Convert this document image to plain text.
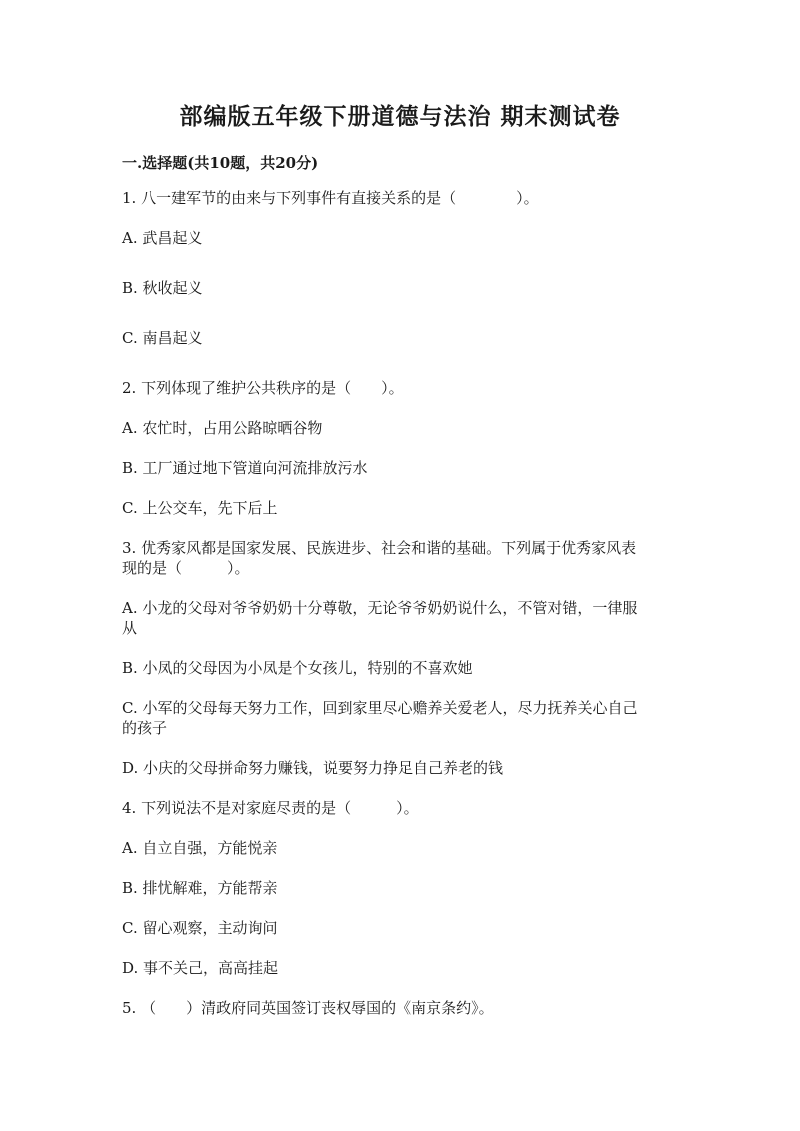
部编版五年级下册道德与法治 期末测试卷
一.选择题(共10题，共20分)
1. 八一建军节的由来与下列事件有直接关系的是（　　　　）。
A. 武昌起义
B. 秋收起义
C. 南昌起义
2. 下列体现了维护公共秩序的是（　　）。
A. 农忙时，占用公路晾晒谷物
B. 工厂通过地下管道向河流排放污水
C. 上公交车，先下后上
3. 优秀家风都是国家发展、民族进步、社会和谐的基础。下列属于优秀家风表
现的是（　　　）。
A. 小龙的父母对爷爷奶奶十分尊敬，无论爷爷奶奶说什么，不管对错，一律服
从
B. 小凤的父母因为小凤是个女孩儿，特别的不喜欢她
C. 小军的父母每天努力工作，回到家里尽心赡养关爱老人，尽力抚养关心自己
的孩子
D. 小庆的父母拼命努力赚钱，说要努力挣足自己养老的钱
4. 下列说法不是对家庭尽责的是（　　　）。
A. 自立自强，方能悦亲
B. 排忧解难，方能帮亲
C. 留心观察，主动询问
D. 事不关己，高高挂起
5. （　　）清政府同英国签订丧权辱国的《南京条约》。
